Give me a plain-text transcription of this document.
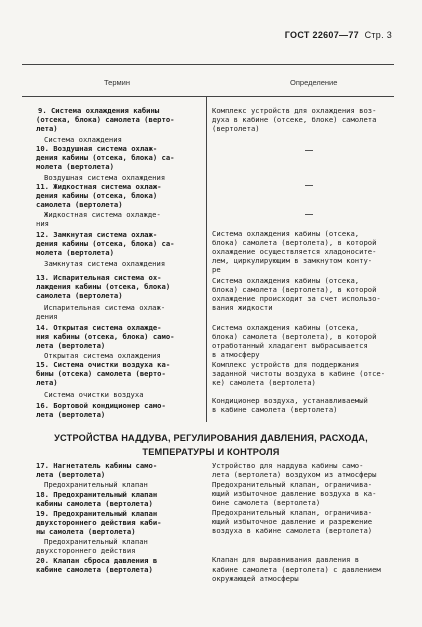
ГОСТ 22607—77 Стр. 3
Термин	Определение
9. Система охлаждения кабины
(отсека, блока) самолета (верто-
лета)
Система охлаждения
10. Воздушная система охлаж-
дения кабины (отсека, блока) са-
молета (вертолета)
Воздушная система охлаждения
11. Жидкостная система охлаж-
дения кабины (отсека, блока)
самолета (вертолета)
Жидкостная система охлажде-
ния
12. Замкнутая система охлаж-
дения кабины (отсека, блока) са-
молета (вертолета)
Замкнутая система охлаждения
13. Испарительная система ох-
лаждения кабины (отсека, блока)
самолета (вертолета)
Испарительная система охлаж-
дения
14. Открытая система охлажде-
ния кабины (отсека, блока) само-
лета (вертолета)
Открытая система охлаждения
15. Система очистки воздуха ка-
бины (отсека) самолета (верто-
лета)
Система очистки воздуха
16. Бортовой кондиционер само-
лета (вертолета)
Комплекс устройств для охлаждения воз-
духа в кабине (отсеке, блоке) самолета
(вертолета)
Система охлаждения кабины (отсека,
блока) самолета (вертолета), в которой
охлаждение осуществляется хладоносите-
лем, циркулирующим в замкнутом конту-
ре
Система охлаждения кабины (отсека,
блока) самолета (вертолета), в которой
охлаждение происходит за счет использо-
вания жидкости
Система охлаждения кабины (отсека,
блока) самолета (вертолета), в которой
отработанный хладагент выбрасывается
в атмосферу
Комплекс устройств для поддержания
заданной чистоты воздуха в кабине (отсе-
ке) самолета (вертолета)
Кондиционер воздуха, устанавливаемый
в кабине самолета (вертолета)
УСТРОЙСТВА НАДДУВА, РЕГУЛИРОВАНИЯ ДАВЛЕНИЯ, РАСХОДА,
ТЕМПЕРАТУРЫ И КОНТРОЛЯ
17. Нагнетатель кабины само-
лета (вертолета)
Предохранительный клапан
18. Предохранительный клапан
кабины самолета (вертолета)
19. Предохранительный клапан
двухстороннего действия каби-
ны самолета (вертолета)
Предохранительный клапан
двухстороннего действия
20. Клапан сброса давления в
кабине самолета (вертолета)
Устройство для наддува кабины само-
лета (вертолета) воздухом из атмосферы
Предохранительный клапан, ограничива-
ющий избыточное давление воздуха в ка-
бине самолета (вертолета)
Предохранительный клапан, ограничива-
ющий избыточное давление и разрежение
воздуха в кабине самолета (вертолета)
Клапан для выравнивания давления в
кабине самолета (вертолета) с давлением
окружающей атмосферы
